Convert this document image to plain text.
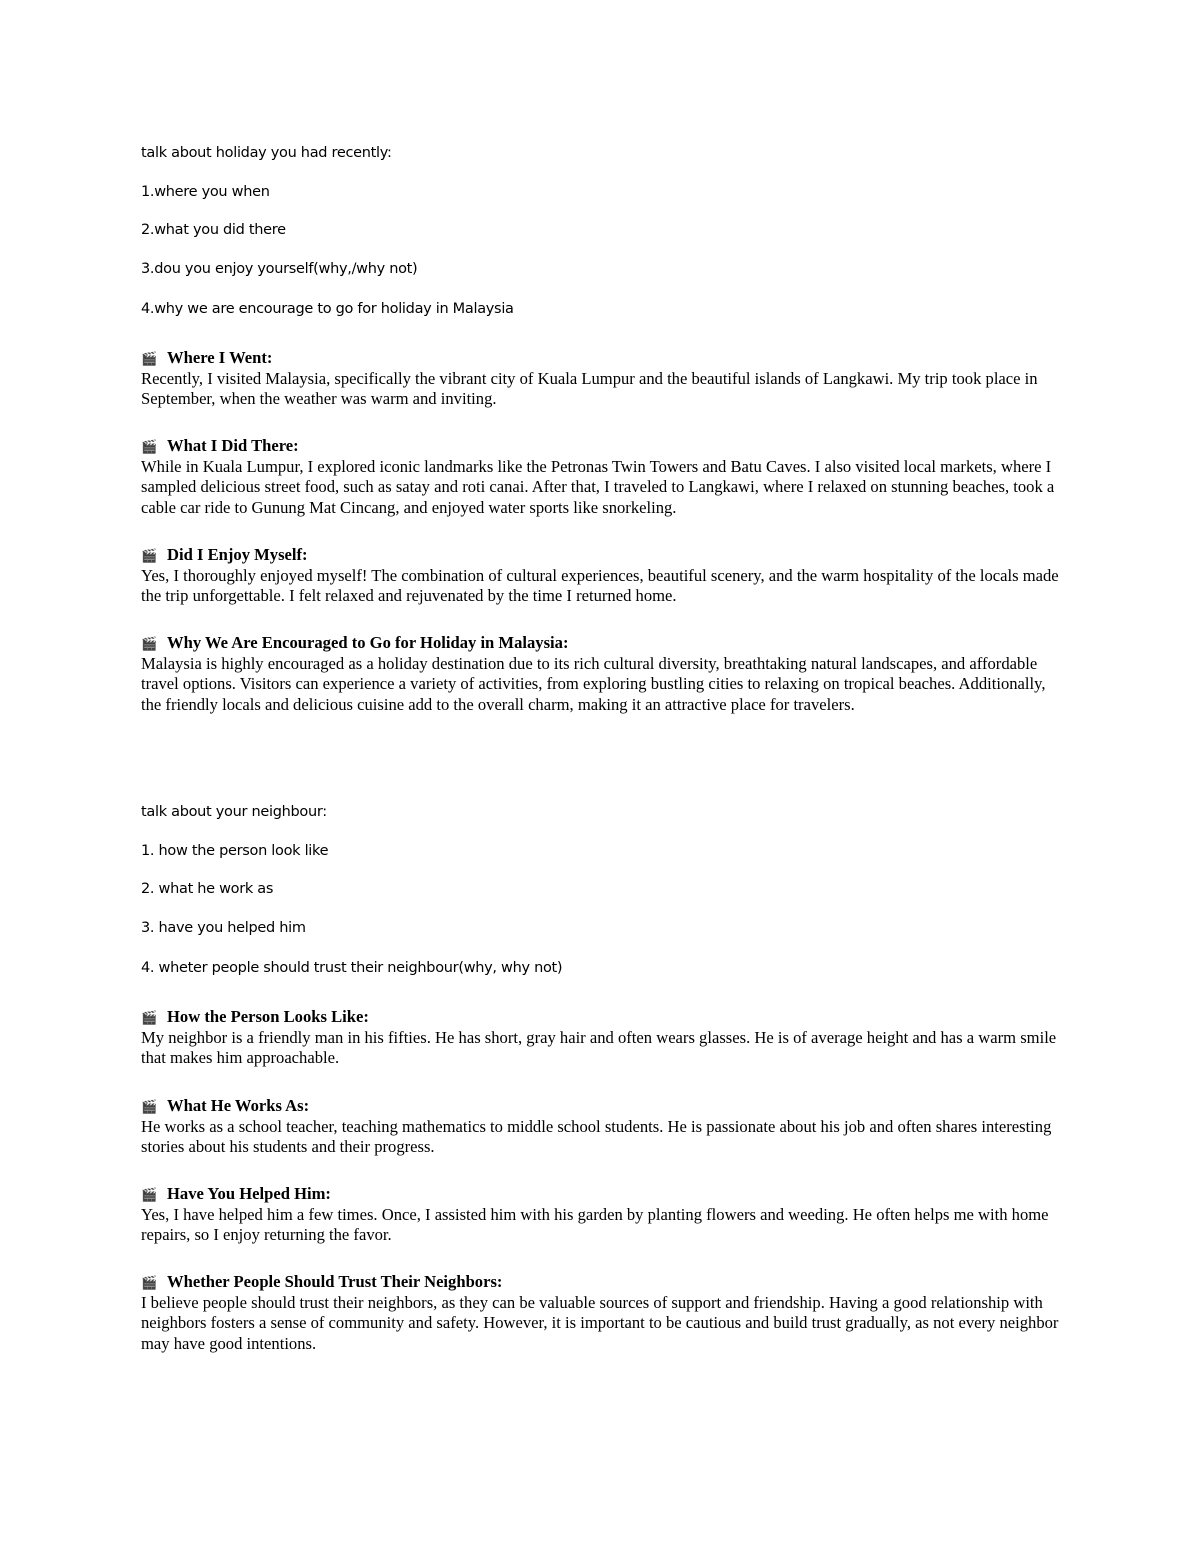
talk about holiday you had recently:
1.where you when
2.what you did there
3.dou you enjoy yourself(why,/why not)
4.why we are encourage to go for holiday in Malaysia
🎬 Where I Went:

Recently, I visited Malaysia, specifically the vibrant city of Kuala Lumpur and the beautiful islands of Langkawi. My trip took place in September, when the weather was warm and inviting.

🎬 What I Did There:

While in Kuala Lumpur, I explored iconic landmarks like the Petronas Twin Towers and Batu Caves. I also visited local markets, where I sampled delicious street food, such as satay and roti canai. After that, I traveled to Langkawi, where I relaxed on stunning beaches, took a cable car ride to Gunung Mat Cincang, and enjoyed water sports like snorkeling.

🎬 Did I Enjoy Myself:

Yes, I thoroughly enjoyed myself! The combination of cultural experiences, beautiful scenery, and the warm hospitality of the locals made the trip unforgettable. I felt relaxed and rejuvenated by the time I returned home.

🎬 Why We Are Encouraged to Go for Holiday in Malaysia:

Malaysia is highly encouraged as a holiday destination due to its rich cultural diversity, breathtaking natural landscapes, and affordable travel options. Visitors can experience a variety of activities, from exploring bustling cities to relaxing on tropical beaches. Additionally, the friendly locals and delicious cuisine add to the overall charm, making it an attractive place for travelers.

talk about your neighbour:
1. how the person look like
2. what he work as
3. have you helped him
4. wheter people should trust their neighbour(why, why not)
🎬 How the Person Looks Like:

My neighbor is a friendly man in his fifties. He has short, gray hair and often wears glasses. He is of average height and has a warm smile that makes him approachable.

🎬 What He Works As:

He works as a school teacher, teaching mathematics to middle school students. He is passionate about his job and often shares interesting stories about his students and their progress.

🎬 Have You Helped Him:

Yes, I have helped him a few times. Once, I assisted him with his garden by planting flowers and weeding. He often helps me with home repairs, so I enjoy returning the favor.

🎬 Whether People Should Trust Their Neighbors:

I believe people should trust their neighbors, as they can be valuable sources of support and friendship. Having a good relationship with neighbors fosters a sense of community and safety. However, it is important to be cautious and build trust gradually, as not every neighbor may have good intentions.
